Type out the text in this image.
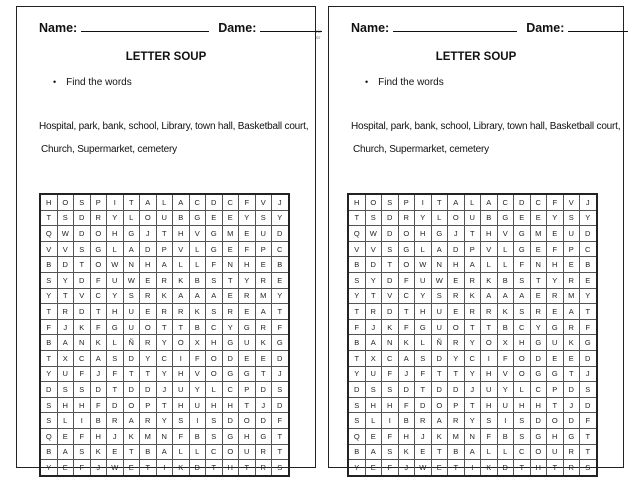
ric
or
Name:	Dame:
LETTER SOUP
• Find the words
Hospital, park, bank, school, Library, town hall, Basketball court,
Church, Supermarket, cemetery
H	O	S	P	I	T	A	L	A	C	D	C	F	V	J
T	S	D	R	Y	L	O	U	B	G	E	E	Y	S	Y
Q	W	D	O	H	G	J	T	H	V	G	M	E	U	D
V	V	S	G	L	A	D	P	V	L	G	E	F	P	C
B	D	T	O	W	N	H	A	L	L	F	N	H	E	B
S	Y	D	F	U	W	E	R	K	B	S	T	Y	R	E
Y	T	V	C	Y	S	R	K	A	A	A	E	R	M	Y
T	R	D	T	H	U	E	R	R	K	S	R	E	A	T
F	J	K	F	G	U	O	T	T	B	C	Y	G	R	F
B	A	N	K	L	Ñ	R	Y	O	X	H	G	U	K	G
T	X	C	A	S	D	Y	C	I	F	O	D	E	E	D
Y	U	F	J	F	T	T	Y	H	V	O	G	G	T	J
D	S	S	D	T	D	D	J	U	Y	L	C	P	D	S
S	H	H	F	D	O	P	T	H	U	H	H	T	J	D
S	L	I	B	R	A	R	Y	S	I	S	D	O	D	F
Q	E	F	H	J	K	M	N	F	B	S	G	H	G	T
B	A	S	K	E	T	B	A	L	L	C	O	U	R	T
Y	E	F	J	W	E	T	I	K	D	T	H	T	R	S
Name:	Dame:
LETTER SOUP
• Find the words
Hospital, park, bank, school, Library, town hall, Basketball court,
Church, Supermarket, cemetery
H	O	S	P	I	T	A	L	A	C	D	C	F	V	J
T	S	D	R	Y	L	O	U	B	G	E	E	Y	S	Y
Q	W	D	O	H	G	J	T	H	V	G	M	E	U	D
V	V	S	G	L	A	D	P	V	L	G	E	F	P	C
B	D	T	O	W	N	H	A	L	L	F	N	H	E	B
S	Y	D	F	U	W	E	R	K	B	S	T	Y	R	E
Y	T	V	C	Y	S	R	K	A	A	A	E	R	M	Y
T	R	D	T	H	U	E	R	R	K	S	R	E	A	T
F	J	K	F	G	U	O	T	T	B	C	Y	G	R	F
B	A	N	K	L	Ñ	R	Y	O	X	H	G	U	K	G
T	X	C	A	S	D	Y	C	I	F	O	D	E	E	D
Y	U	F	J	F	T	T	Y	H	V	O	G	G	T	J
D	S	S	D	T	D	D	J	U	Y	L	C	P	D	S
S	H	H	F	D	O	P	T	H	U	H	H	T	J	D
S	L	I	B	R	A	R	Y	S	I	S	D	O	D	F
Q	E	F	H	J	K	M	N	F	B	S	G	H	G	T
B	A	S	K	E	T	B	A	L	L	C	O	U	R	T
Y	E	F	J	W	E	T	I	K	D	T	H	T	R	S
